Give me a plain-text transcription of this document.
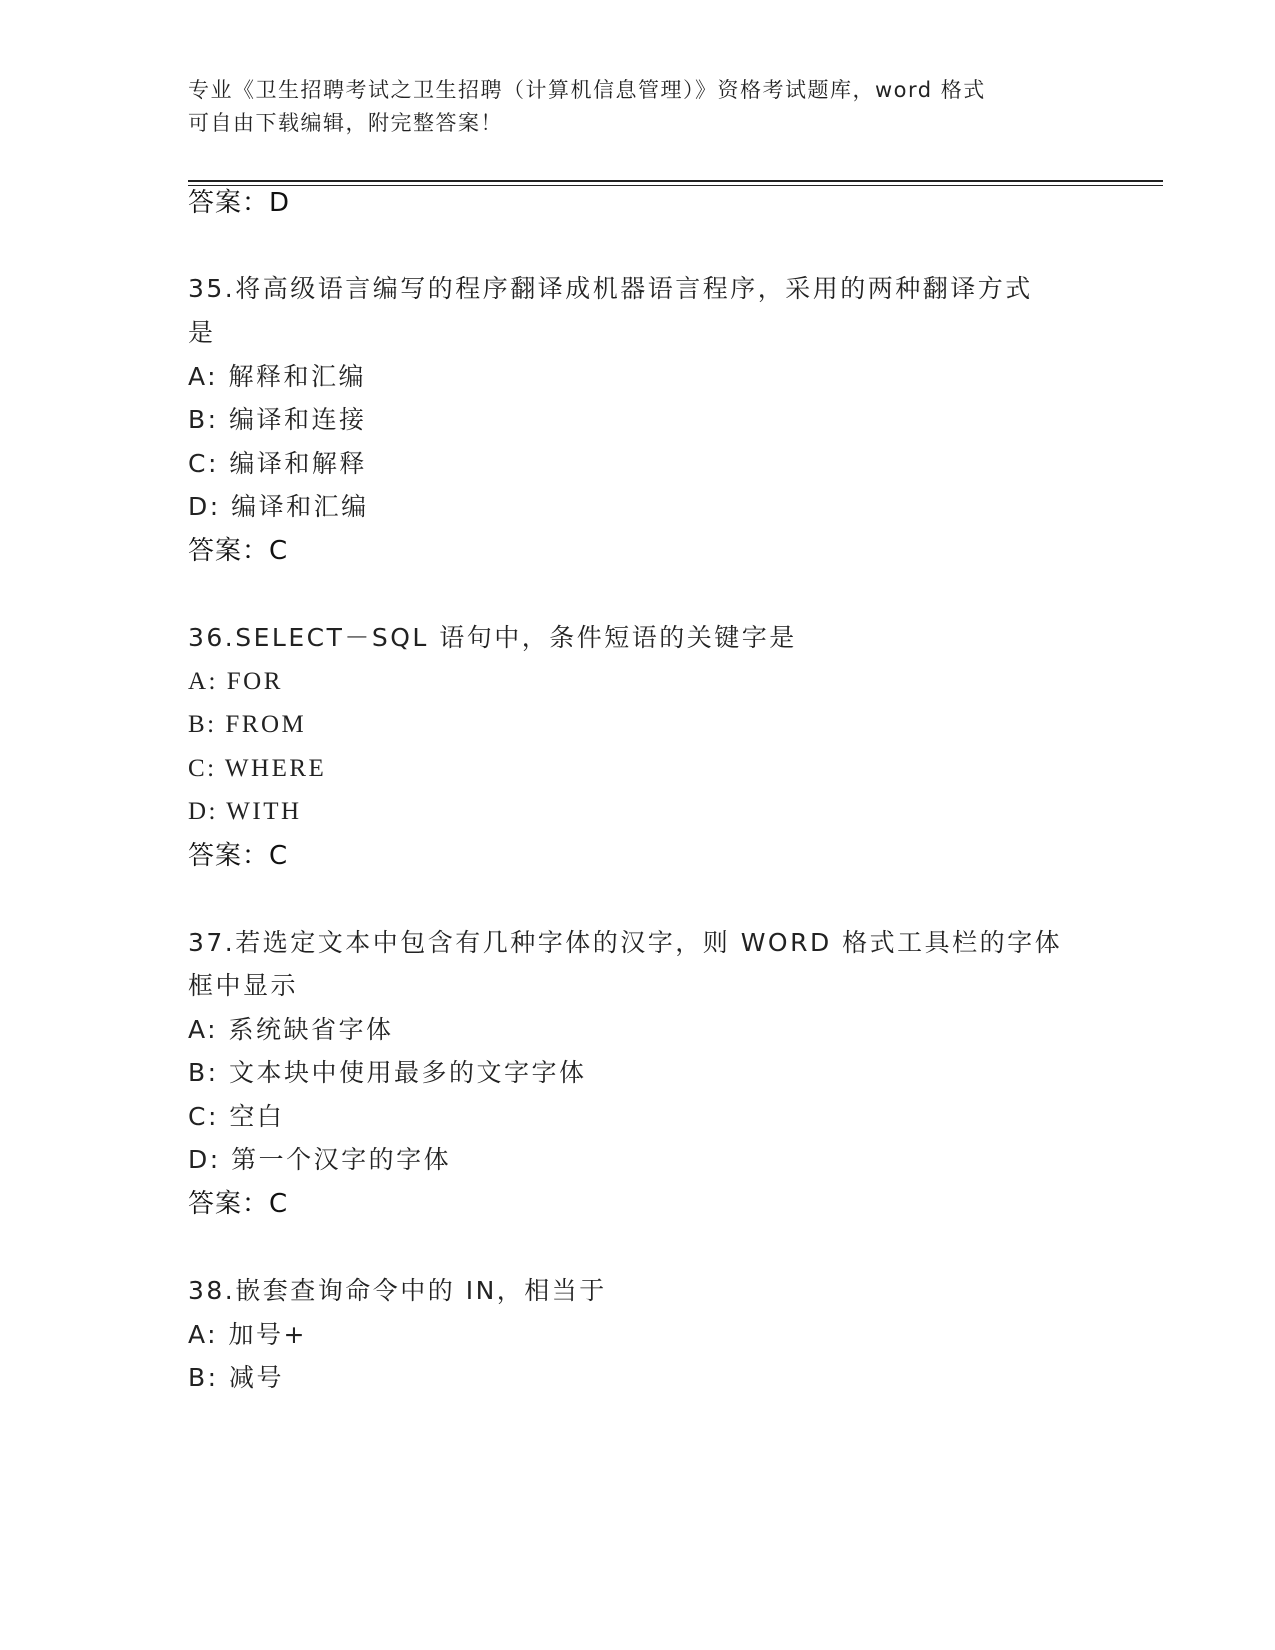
专业《卫生招聘考试之卫生招聘（计算机信息管理）》资格考试题库，word 格式
可自由下载编辑，附完整答案！
答案：D
35.将高级语言编写的程序翻译成机器语言程序，采用的两种翻译方式
是
A: 解释和汇编
B: 编译和连接
C: 编译和解释
D: 编译和汇编
答案：C
36.SELECT－SQL 语句中，条件短语的关键字是
A: FOR
B: FROM
C: WHERE
D: WITH
答案：C
37.若选定文本中包含有几种字体的汉字，则 WORD 格式工具栏的字体
框中显示
A: 系统缺省字体
B: 文本块中使用最多的文字字体
C: 空白
D: 第一个汉字的字体
答案：C
38.嵌套查询命令中的 IN，相当于
A: 加号+
B: 减号
